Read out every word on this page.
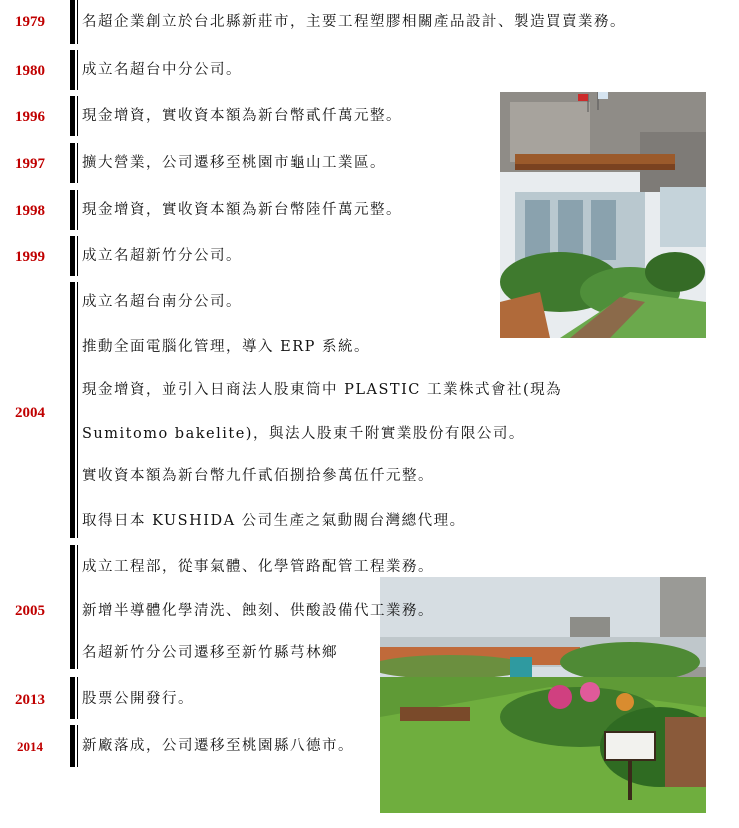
1979
1980
1996
1997
1998
1999
2004
2005
2013
2014
名超企業創立於台北縣新莊市，主要工程塑膠相關產品設計、製造買賣業務。
成立名超台中分公司。
現金增資，實收資本額為新台幣貳仟萬元整。
擴大營業，公司遷移至桃園市龜山工業區。
現金增資，實收資本額為新台幣陸仟萬元整。
成立名超新竹分公司。
成立名超台南分公司。
推動全面電腦化管理，導入 ERP 系統。
現金增資，並引入日商法人股東筒中 PLASTIC 工業株式會社(現為
Sumitomo bakelite)，與法人股東千附實業股份有限公司。
實收資本額為新台幣九仟貳佰捌拾參萬伍仟元整。
取得日本 KUSHIDA 公司生產之氣動閥台灣總代理。
成立工程部，從事氣體、化學管路配管工程業務。
新增半導體化學清洗、蝕刻、供酸設備代工業務。
名超新竹分公司遷移至新竹縣芎林鄉
股票公開發行。
新廠落成，公司遷移至桃園縣八德市。
